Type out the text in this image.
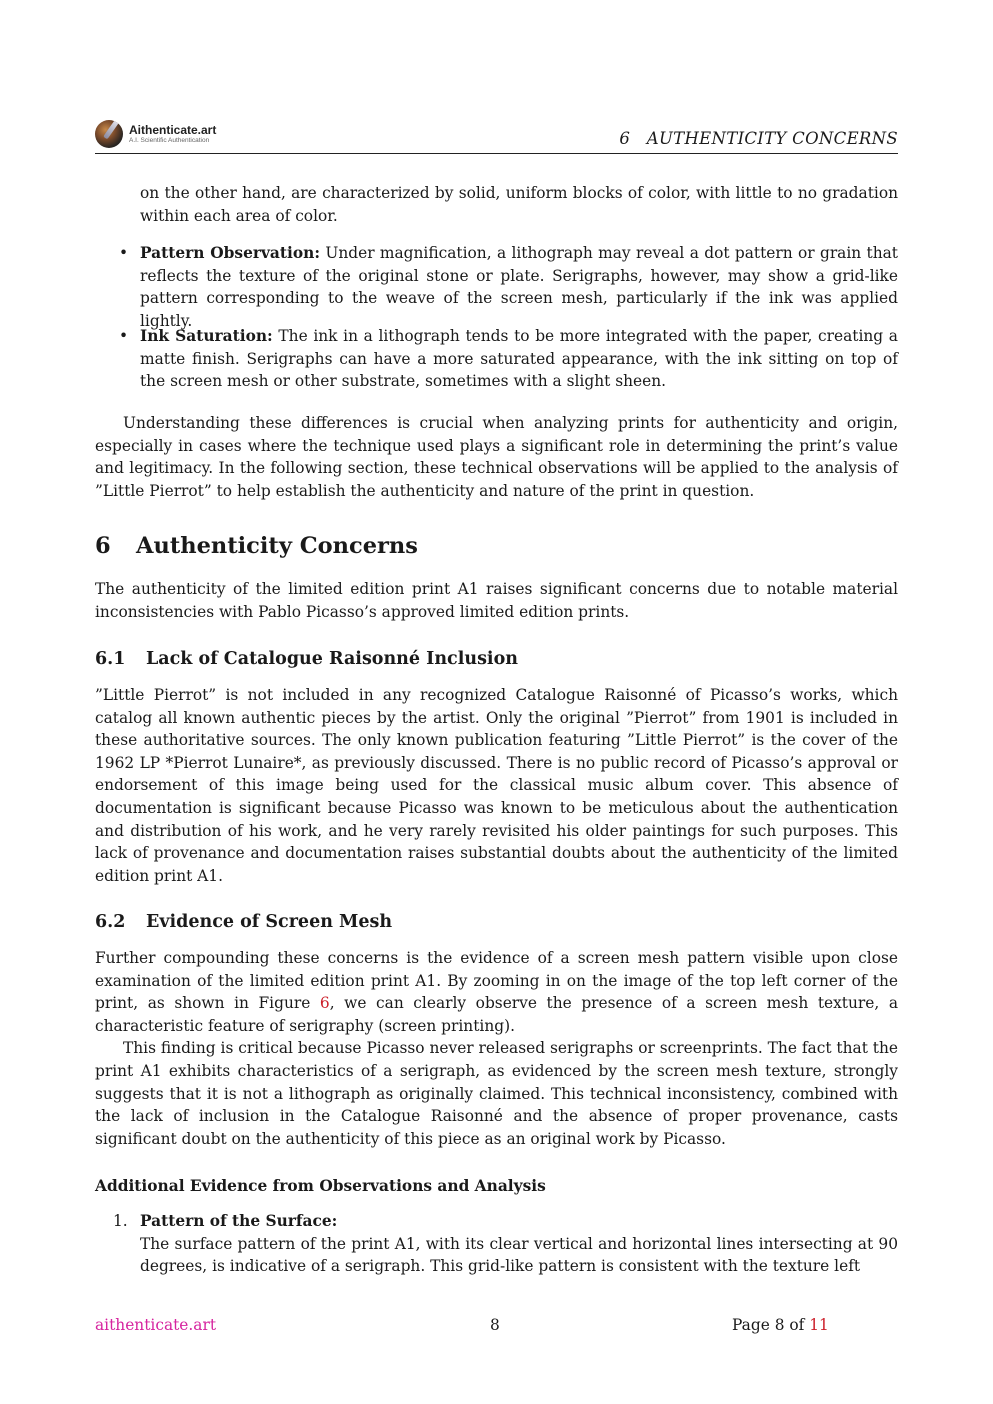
Aithenticate.art
A.I. Scientific Authentication	6   AUTHENTICITY CONCERNS

on the other hand, are characterized by solid, uniform blocks of color, with little to no gradation within each area of color.

• Pattern Observation: Under magnification, a lithograph may reveal a dot pattern or grain that reflects the texture of the original stone or plate. Serigraphs, however, may show a grid-like pattern corresponding to the weave of the screen mesh, particularly if the ink was applied lightly.

• Ink Saturation: The ink in a lithograph tends to be more integrated with the paper, creating a matte finish. Serigraphs can have a more saturated appearance, with the ink sitting on top of the screen mesh or other substrate, sometimes with a slight sheen.

Understanding these differences is crucial when analyzing prints for authenticity and origin, especially in cases where the technique used plays a significant role in determining the print’s value and legitimacy. In the following section, these technical observations will be applied to the analysis of ”Little Pierrot” to help establish the authenticity and nature of the print in question.

6 Authenticity Concerns

The authenticity of the limited edition print A1 raises significant concerns due to notable material inconsistencies with Pablo Picasso’s approved limited edition prints.

6.1 Lack of Catalogue Raisonné Inclusion

”Little Pierrot” is not included in any recognized Catalogue Raisonné of Picasso’s works, which catalog all known authentic pieces by the artist. Only the original ”Pierrot” from 1901 is included in these authoritative sources. The only known publication featuring ”Little Pierrot” is the cover of the 1962 LP *Pierrot Lunaire*, as previously discussed. There is no public record of Picasso’s approval or endorsement of this image being used for the classical music album cover. This absence of documentation is significant because Picasso was known to be meticulous about the authentication and distribution of his work, and he very rarely revisited his older paintings for such purposes. This lack of provenance and documentation raises substantial doubts about the authenticity of the limited edition print A1.

6.2 Evidence of Screen Mesh

Further compounding these concerns is the evidence of a screen mesh pattern visible upon close examination of the limited edition print A1. By zooming in on the image of the top left corner of the print, as shown in Figure 6, we can clearly observe the presence of a screen mesh texture, a characteristic feature of serigraphy (screen printing).

This finding is critical because Picasso never released serigraphs or screenprints. The fact that the print A1 exhibits characteristics of a serigraph, as evidenced by the screen mesh texture, strongly suggests that it is not a lithograph as originally claimed. This technical inconsistency, combined with the lack of inclusion in the Catalogue Raisonné and the absence of proper provenance, casts significant doubt on the authenticity of this piece as an original work by Picasso.

Additional Evidence from Observations and Analysis
1. Pattern of the Surface:

The surface pattern of the print A1, with its clear vertical and horizontal lines intersecting at 90 degrees, is indicative of a serigraph. This grid-like pattern is consistent with the texture left

aithenticate.art	8	Page 8 of 11
